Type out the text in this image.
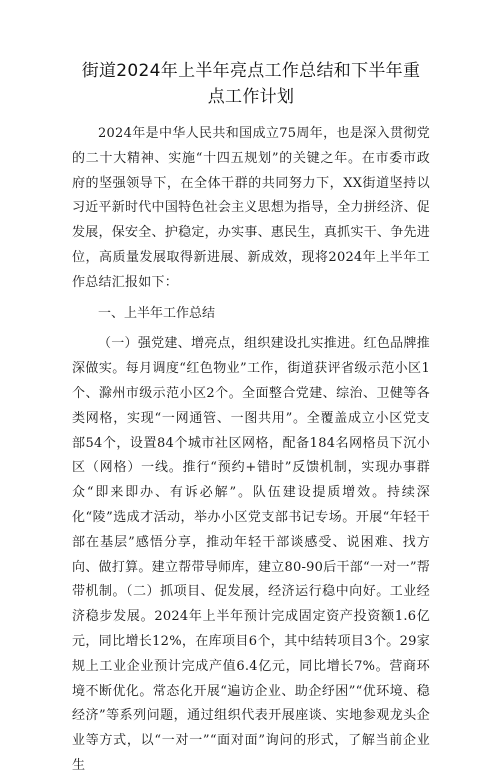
街道2024年上半年亮点工作总结和下半年重
点工作计划

2024年是中华人民共和国成立75周年，也是深入贯彻党的二十大精神、实施“十四五规划”的关键之年。在市委市政府的坚强领导下，在全体干群的共同努力下，XX街道坚持以习近平新时代中国特色社会主义思想为指导，全力拼经济、促发展，保安全、护稳定，办实事、惠民生，真抓实干、争先进位，高质量发展取得新进展、新成效，现将2024年上半年工作总结汇报如下：

一、上半年工作总结

（一）强党建、增亮点，组织建设扎实推进。红色品牌推深做实。每月调度“红色物业”工作，街道获评省级示范小区1个、滁州市级示范小区2个。全面整合党建、综治、卫健等各类网格，实现“一网通管、一图共用”。全覆盖成立小区党支部54个，设置84个城市社区网格，配备184名网格员下沉小区（网格）一线。推行“预约+错时”反馈机制，实现办事群众“即来即办、有诉必解”。队伍建设提质增效。持续深化“陵”选成才活动，举办小区党支部书记专场。开展“年轻干部在基层”感悟分享，推动年轻干部谈感受、说困难、找方向、做打算。建立帮带导师库，建立80-90后干部“一对一”帮带机制。（二）抓项目、促发展，经济运行稳中向好。工业经济稳步发展。2024年上半年预计完成固定资产投资额1.6亿元，同比增长12%，在库项目6个，其中结转项目3个。29家规上工业企业预计完成产值6.4亿元，同比增长7%。营商环境不断优化。常态化开展“遍访企业、助企纾困”“优环境、稳经济”等系列问题，通过组织代表开展座谈、实地参观龙头企业等方式，以“一对一”“面对面”询问的形式，了解当前企业生
